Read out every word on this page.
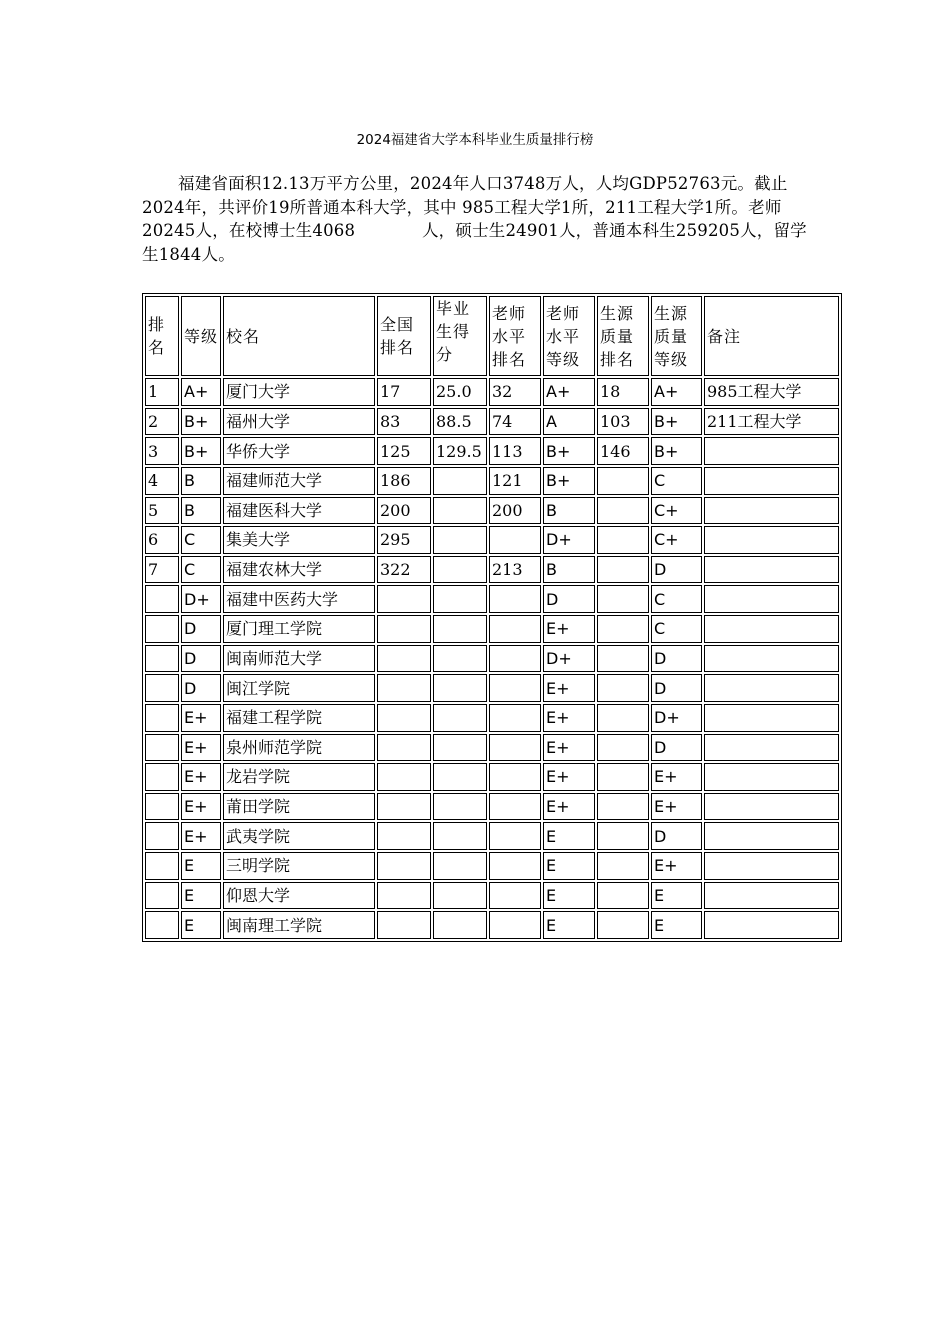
2024福建省大学本科毕业生质量排行榜

福建省面积12.13万平方公里，2024年人口3748万人，人均GDP52763元。截止2024年，共评价19所普通本科大学，其中 985工程大学1所，211工程大学1所。老师20245人，在校博士生4068　　　　人，硕士生24901人，普通本科生259205人，留学生1844人。

排名	等级	校名	全国排名	毕业生得分	老师水平排名	老师水平等级	生源质量排名	生源质量等级	备注
1	A+	厦门大学	17	25.0	32	A+	18	A+	985工程大学
2	B+	福州大学	83	88.5	74	A	103	B+	211工程大学
3	B+	华侨大学	125	129.5	113	B+	146	B+	
4	B	福建师范大学	186		121	B+		C	
5	B	福建医科大学	200		200	B		C+	
6	C	集美大学	295			D+		C+	
7	C	福建农林大学	322		213	B		D	
	D+	福建中医药大学				D		C	
	D	厦门理工学院				E+		C	
	D	闽南师范大学				D+		D	
	D	闽江学院				E+		D	
	E+	福建工程学院				E+		D+	
	E+	泉州师范学院				E+		D	
	E+	龙岩学院				E+		E+	
	E+	莆田学院				E+		E+	
	E+	武夷学院				E		D	
	E	三明学院				E		E+	
	E	仰恩大学				E		E	
	E	闽南理工学院				E		E	
